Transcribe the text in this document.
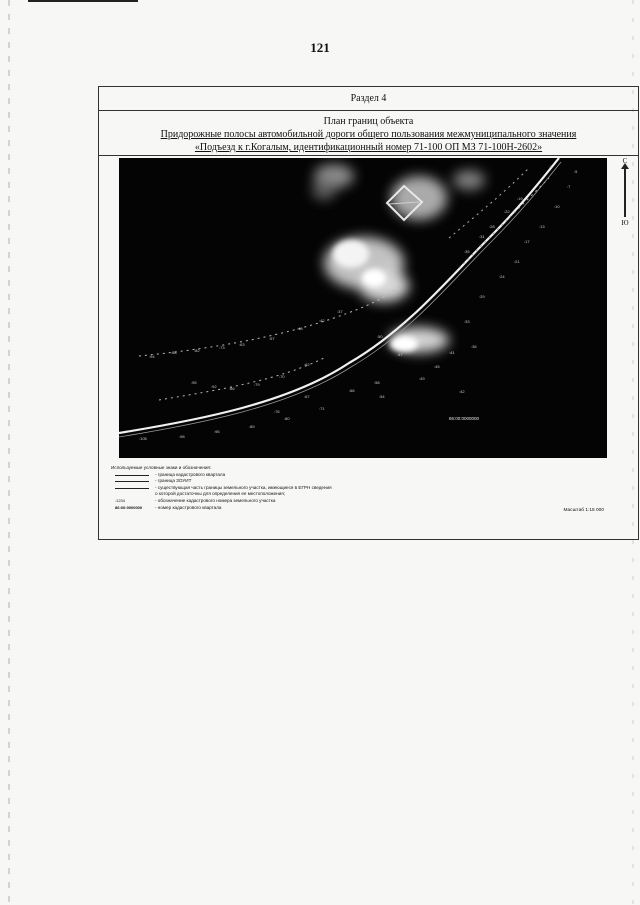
121
Раздел 4
План границ объекта
Придорожные полосы автомобильной дороги общего пользования межмуниципального значения
«Подъезд к г.Когалым, идентификационный номер 71-100 ОП МЗ 71-100Н-2602»
:94
:88	:82
:73
:63
:57
:48
:42
:37
:95
:92	:86
:79
:70
:62
:105	:98
:96
:89
:80
:71
:66
:58
:54
:49
:45
:42
:41
:36
:33
:29
:24
:21
:17
:13
:10
:7
:5
:2
:28
:22
:19
:35
:31
:50
:47
:67
:76
86:00:0000000
С
Ю
Используемые условные знаки и обозначения:
- граница кадастрового квартала
- граница ЗОУИТ
- существующая часть границы земельного участка, имеющиеся в ЕГРН сведения
о которой достаточны для определения ее местоположения;
:1234	- обозначение кадастрового номера земельного участка
86:00:0000000	- номер кадастрового квартала
Масштаб 1:15 000
